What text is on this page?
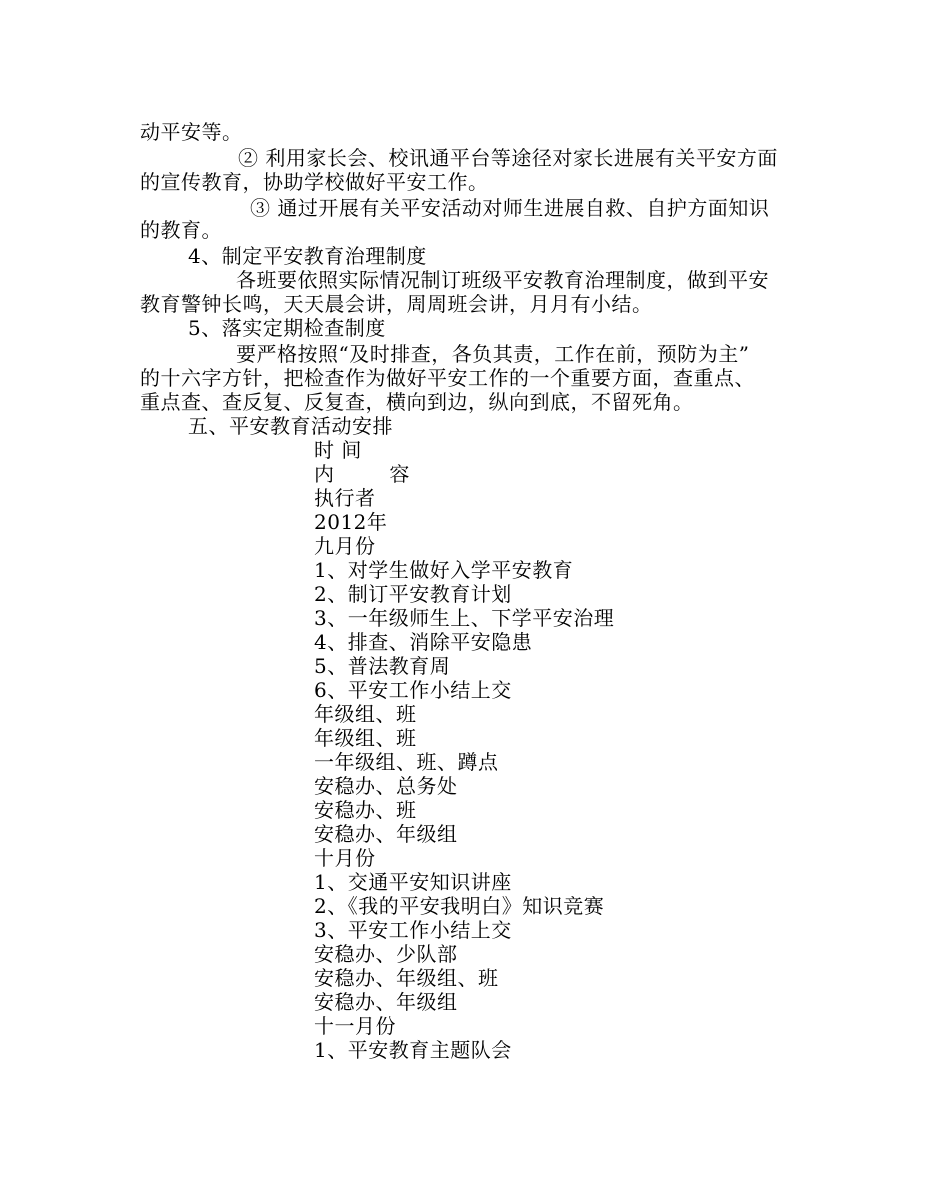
动平安等。
② 利用家长会、校讯通平台等途径对家长进展有关平安方面
的宣传教育，协助学校做好平安工作。
③ 通过开展有关平安活动对师生进展自救、自护方面知识
的教育。
4、制定平安教育治理制度
各班要依照实际情况制订班级平安教育治理制度，做到平安
教育警钟长鸣，天天晨会讲，周周班会讲，月月有小结。
5、落实定期检查制度
要严格按照“及时排查，各负其责，工作在前，预防为主”
的十六字方针，把检查作为做好平安工作的一个重要方面，查重点、
重点查、查反复、反复查，横向到边，纵向到底，不留死角。
五、平安教育活动安排
时 间
内        容
执行者
2012年
九月份
1、对学生做好入学平安教育
2、制订平安教育计划
3、一年级师生上、下学平安治理
4、排查、消除平安隐患
5、普法教育周
6、平安工作小结上交
年级组、班
年级组、班
一年级组、班、蹲点
安稳办、总务处
安稳办、班
安稳办、年级组
十月份
1、交通平安知识讲座
2、《我的平安我明白》知识竞赛
3、平安工作小结上交
安稳办、少队部
安稳办、年级组、班
安稳办、年级组
十一月份
1、平安教育主题队会
